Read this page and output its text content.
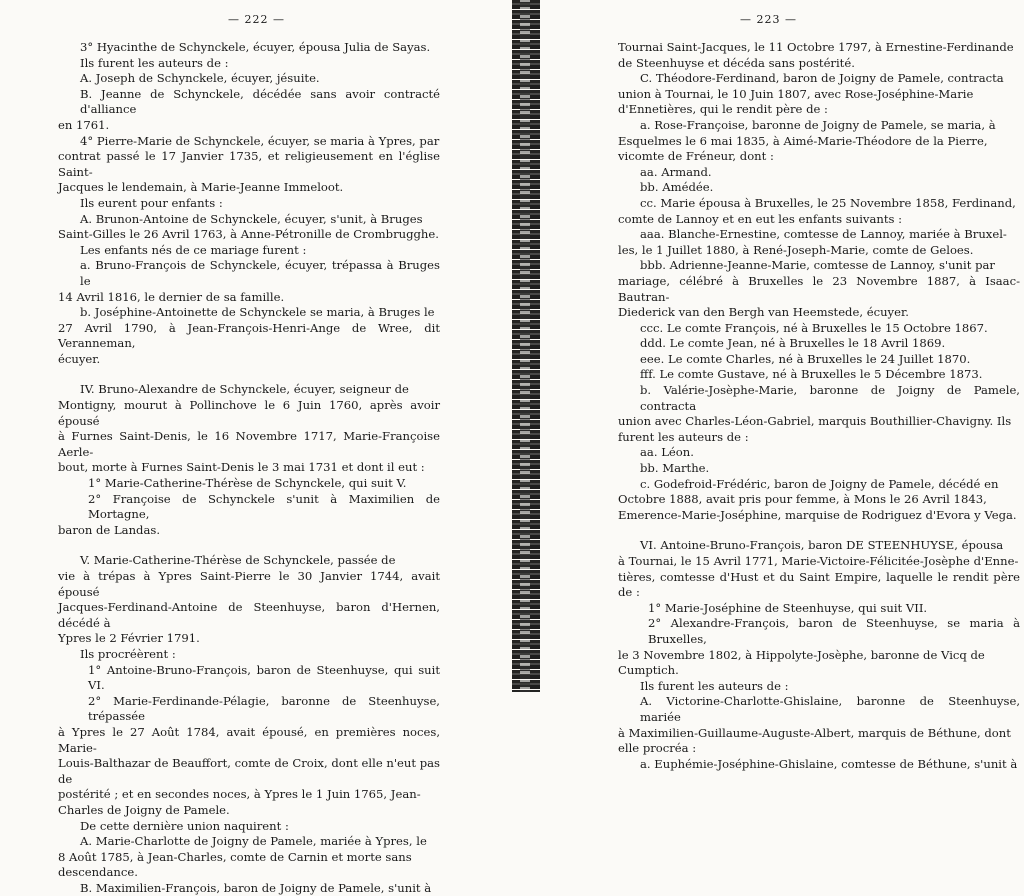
— 222 —

3° Hyacinthe de Schynckele, écuyer, épousa Julia de Sayas.

Ils furent les auteurs de :

A. Joseph de Schynckele, écuyer, jésuite.

B. Jeanne de Schynckele, décédée sans avoir contracté d'alliance

en 1761.

4° Pierre-Marie de Schynckele, écuyer, se maria à Ypres, par

contrat passé le 17 Janvier 1735, et religieusement en l'église Saint-

Jacques le lendemain, à Marie-Jeanne Immeloot.

Ils eurent pour enfants :

A. Brunon-Antoine de Schynckele, écuyer, s'unit, à Bruges

Saint-Gilles le 26 Avril 1763, à Anne-Pétronille de Crombrugghe.

Les enfants nés de ce mariage furent :

a. Bruno-François de Schynckele, écuyer, trépassa à Bruges le

14 Avril 1816, le dernier de sa famille.

b. Joséphine-Antoinette de Schynckele se maria, à Bruges le

27 Avril 1790, à Jean-François-Henri-Ange de Wree, dit Veranneman,

écuyer.

IV. Bruno-Alexandre de Schynckele, écuyer, seigneur de

Montigny, mourut à Pollinchove le 6 Juin 1760, après avoir épousé

à Furnes Saint-Denis, le 16 Novembre 1717, Marie-Françoise Aerle-

bout, morte à Furnes Saint-Denis le 3 mai 1731 et dont il eut :

1° Marie-Catherine-Thérèse de Schynckele, qui suit V.

2° Françoise de Schynckele s'unit à Maximilien de Mortagne,

baron de Landas.

V. Marie-Catherine-Thérèse de Schynckele, passée de

vie à trépas à Ypres Saint-Pierre le 30 Janvier 1744, avait épousé

Jacques-Ferdinand-Antoine de Steenhuyse, baron d'Hernen, décédé à

Ypres le 2 Février 1791.

Ils procréèrent :

1° Antoine-Bruno-François, baron de Steenhuyse, qui suit VI.

2° Marie-Ferdinande-Pélagie, baronne de Steenhuyse, trépassée

à Ypres le 27 Août 1784, avait épousé, en premières noces, Marie-

Louis-Balthazar de Beauffort, comte de Croix, dont elle n'eut pas de

postérité ; et en secondes noces, à Ypres le 1 Juin 1765, Jean-

Charles de Joigny de Pamele.

De cette dernière union naquirent :

A. Marie-Charlotte de Joigny de Pamele, mariée à Ypres, le

8 Août 1785, à Jean-Charles, comte de Carnin et morte sans

descendance.

B. Maximilien-François, baron de Joigny de Pamele, s'unit à

— 223 —

Tournai Saint-Jacques, le 11 Octobre 1797, à Ernestine-Ferdinande

de Steenhuyse et décéda sans postérité.

C. Théodore-Ferdinand, baron de Joigny de Pamele, contracta

union à Tournai, le 10 Juin 1807, avec Rose-Joséphine-Marie

d'Ennetières, qui le rendit père de :

a. Rose-Françoise, baronne de Joigny de Pamele, se maria, à

Esquelmes le 6 mai 1835, à Aimé-Marie-Théodore de la Pierre,

vicomte de Fréneur, dont :

aa. Armand.

bb. Amédée.

cc. Marie épousa à Bruxelles, le 25 Novembre 1858, Ferdinand,

comte de Lannoy et en eut les enfants suivants :

aaa. Blanche-Ernestine, comtesse de Lannoy, mariée à Bruxel-

les, le 1 Juillet 1880, à René-Joseph-Marie, comte de Geloes.

bbb. Adrienne-Jeanne-Marie, comtesse de Lannoy, s'unit par

mariage, célébré à Bruxelles le 23 Novembre 1887, à Isaac-Bautran-

Diederick van den Bergh van Heemstede, écuyer.

ccc. Le comte François, né à Bruxelles le 15 Octobre 1867.

ddd. Le comte Jean, né à Bruxelles le 18 Avril 1869.

eee. Le comte Charles, né à Bruxelles le 24 Juillet 1870.

fff. Le comte Gustave, né à Bruxelles le 5 Décembre 1873.

b. Valérie-Josèphe-Marie, baronne de Joigny de Pamele, contracta

union avec Charles-Léon-Gabriel, marquis Bouthillier-Chavigny. Ils

furent les auteurs de :

aa. Léon.

bb. Marthe.

c. Godefroid-Frédéric, baron de Joigny de Pamele, décédé en

Octobre 1888, avait pris pour femme, à Mons le 26 Avril 1843,

Emerence-Marie-Joséphine, marquise de Rodriguez d'Evora y Vega.

VI. Antoine-Bruno-François, baron DE STEENHUYSE, épousa

à Tournai, le 15 Avril 1771, Marie-Victoire-Félicitée-Josèphe d'Enne-

tières, comtesse d'Hust et du Saint Empire, laquelle le rendit père de :

1° Marie-Joséphine de Steenhuyse, qui suit VII.

2° Alexandre-François, baron de Steenhuyse, se maria à Bruxelles,

le 3 Novembre 1802, à Hippolyte-Josèphe, baronne de Vicq de

Cumptich.

Ils furent les auteurs de :

A. Victorine-Charlotte-Ghislaine, baronne de Steenhuyse, mariée

à Maximilien-Guillaume-Auguste-Albert, marquis de Béthune, dont

elle procréa :

a. Euphémie-Joséphine-Ghislaine, comtesse de Béthune, s'unit à
